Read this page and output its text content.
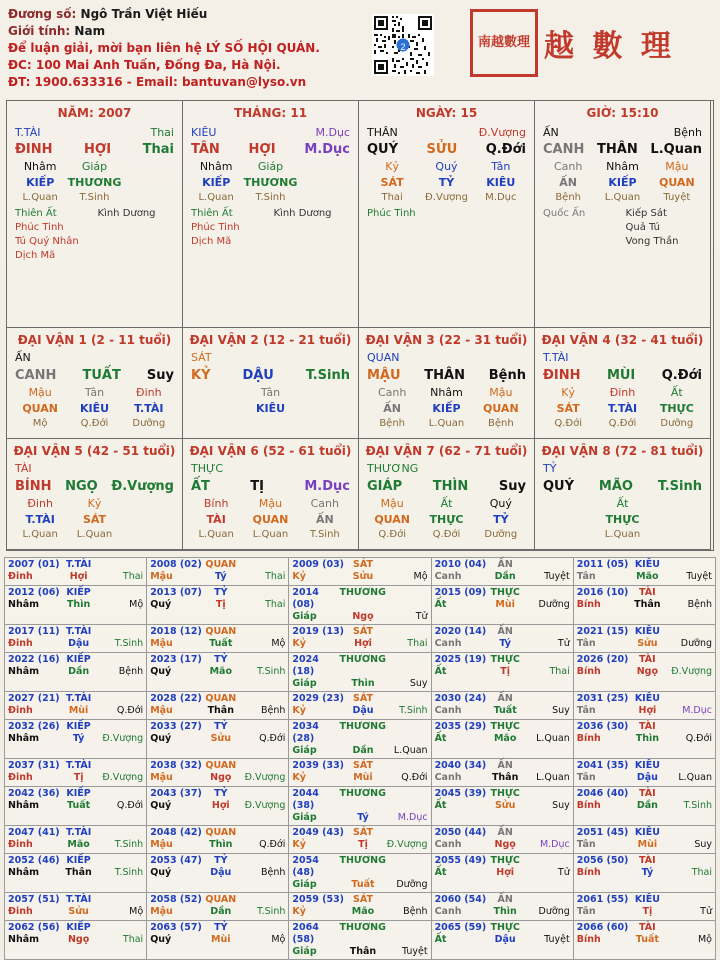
Đương số: Ngô Trần Việt Hiếu
Giới tính: Nam
Để luận giải, mời bạn liên hệ LÝ SỐ HỘI QUÁN.
ĐC: 100 Mai Anh Tuấn, Đống Đa, Hà Nội.
ĐT: 1900.633316 - Email: bantuvan@lyso.vn
2	南越數理 越 數 理
NĂM: 2007
T.TÀI	Thai
ĐINH HỢI Thai
Nhâm	Giáp
KIẾP	THƯƠNG
L.Quan	T.Sinh
Thiên Ất
Phúc Tinh
Tú Quý Nhân
Dịch Mã
Kình Dương
THÁNG: 11
KIÊU	M.Dục
TÂN HỢI M.Dục
Nhâm	Giáp
KIẾP	THƯƠNG
L.Quan	T.Sinh
Thiên Ất
Phúc Tinh
Dịch Mã
Kình Dương
NGÀY: 15
THÂN	Đ.Vượng
QUÝ SỬU Q.Đới
Kỷ	Quý	Tân
SÁT	TỶ	KIÊU
Thai	Đ.Vượng	M.Dục
Phúc Tinh
GIỜ: 15:10
ẤN	Bệnh
CANH THÂN L.Quan
Canh	Nhâm	Mậu
ẤN	KIẾP	QUAN
Bệnh	L.Quan	Tuyệt
Quốc Ấn	Kiếp Sát
Quả Tú
Vong Thần
ĐẠI VẬN 1 (2 - 11 tuổi)
ẤN
CANH TUẤT Suy
Mậu	Tân	Đinh
QUAN	KIÊU	T.TÀI
Mộ	Q.Đới	Dưỡng
ĐẠI VẬN 2 (12 - 21 tuổi)
SÁT
KỶ DẬU T.Sinh
Tân
KIÊU
ĐẠI VẬN 3 (22 - 31 tuổi)
QUAN
MẬU THÂN Bệnh
Canh	Nhâm	Mậu
ẤN	KIẾP	QUAN
Bệnh	L.Quan	Bệnh
ĐẠI VẬN 4 (32 - 41 tuổi)
T.TÀI
ĐINH MÙI Q.Đới
Kỷ	Đinh	Ất
SÁT	T.TÀI	THỰC
Q.Đới	Q.Đới	Dưỡng
ĐẠI VẬN 5 (42 - 51 tuổi)
TÀI
BÍNH NGỌ Đ.Vượng
Đinh	Kỷ
T.TÀI	SÁT
L.Quan	L.Quan
ĐẠI VẬN 6 (52 - 61 tuổi)
THỰC
ẤT	TỊ	M.Dục
Bính	Mậu	Canh
TÀI	QUAN	ẤN
L.Quan	L.Quan	T.Sinh
ĐẠI VẬN 7 (62 - 71 tuổi)
THƯƠNG
GIÁP THÌN Suy
Mậu	Ất	Quý
QUAN	THỰC	TỶ
Q.Đới	Q.Đới	Dưỡng
ĐẠI VẬN 8 (72 - 81 tuổi)
TỶ
QUÝ MÃO T.Sinh
Ất
THỰC
L.Quan
2007 (01) T.TÀI
Đinh	Hợi	Thai

2008 (02) QUAN
Mậu	Tý	Thai

2009 (03) SÁT
Kỷ	Sửu	Mộ

2010 (04)	ẤN
Canh	Dần	Tuyệt

2011 (05) KIÊU
Tân	Mão	Tuyệt

2012 (06) KIẾP
Nhâm	Thìn	Mộ

2013 (07)	TỶ
Quý	Tị	Thai

2014 (08)
THƯƠNG
Giáp	Ngọ	Tử

2015 (09) THỰC
Ất	Mùi	Dưỡng

2016 (10)	TÀI
Bính	Thân	Bệnh

2017 (11) T.TÀI
Đinh	Dậu	T.Sinh

2018 (12) QUAN
Mậu	Tuất	Mộ

2019 (13) SÁT
Kỷ	Hợi	Thai

2020 (14)	ẤN
Canh	Tý	Tử

2021 (15) KIÊU
Tân	Sửu	Dưỡng

2022 (16) KIẾP
Nhâm	Dần	Bệnh

2023 (17)	TỶ
Quý	Mão	T.Sinh

2024 (18)
THƯƠNG
Giáp	Thìn	Suy

2025 (19) THỰC
Ất	Tị	Thai

2026 (20)	TÀI
Bính	Ngọ	Đ.Vượng

2027 (21) T.TÀI
Đinh	Mùi	Q.Đới

2028 (22) QUAN
Mậu	Thân	Bệnh

2029 (23) SÁT
Kỷ	Dậu	T.Sinh

2030 (24)	ẤN
Canh	Tuất	Suy

2031 (25) KIÊU
Tân	Hợi	M.Dục

2032 (26) KIẾP
Nhâm	Tý	Đ.Vượng

2033 (27)	TỶ
Quý	Sửu	Q.Đới

2034 (28)
THƯƠNG
Giáp	Dần	L.Quan

2035 (29) THỰC
Ất	Mão	L.Quan

2036 (30)	TÀI
Bính	Thìn	Q.Đới

2037 (31) T.TÀI
Đinh	Tị	Đ.Vượng

2038 (32) QUAN
Mậu	Ngọ	Đ.Vượng

2039 (33) SÁT
Kỷ	Mùi	Q.Đới

2040 (34)	ẤN
Canh	Thân	L.Quan

2041 (35) KIÊU
Tân	Dậu	L.Quan

2042 (36) KIẾP
Nhâm	Tuất	Q.Đới

2043 (37)	TỶ
Quý	Hợi	Đ.Vượng

2044 (38)
THƯƠNG
Giáp	Tý	M.Dục

2045 (39) THỰC
Ất	Sửu	Suy

2046 (40)	TÀI
Bính	Dần	T.Sinh

2047 (41) T.TÀI
Đinh	Mão	T.Sinh

2048 (42) QUAN
Mậu	Thìn	Q.Đới

2049 (43) SÁT
Kỷ	Tị	Đ.Vượng

2050 (44)	ẤN
Canh	Ngọ	M.Dục

2051 (45) KIÊU
Tân	Mùi	Suy

2052 (46) KIẾP
Nhâm	Thân	T.Sinh

2053 (47)	TỶ
Quý	Dậu	Bệnh

2054 (48)
THƯƠNG
Giáp	Tuất	Dưỡng

2055 (49) THỰC
Ất	Hợi	Tử

2056 (50)	TÀI
Bính	Tý	Thai

2057 (51) T.TÀI
Đinh	Sửu	Mộ

2058 (52) QUAN
Mậu	Dần	T.Sinh

2059 (53) SÁT
Kỷ	Mão	Bệnh

2060 (54)	ẤN
Canh	Thìn	Dưỡng

2061 (55) KIÊU
Tân	Tị	Tử

2062 (56) KIẾP
Nhâm	Ngọ	Thai

2063 (57)	TỶ
Quý	Mùi	Mộ

2064 (58)
THƯƠNG
Giáp	Thân	Tuyệt

2065 (59) THỰC
Ất	Dậu	Tuyệt

2066 (60)	TÀI
Bính	Tuất	Mộ
